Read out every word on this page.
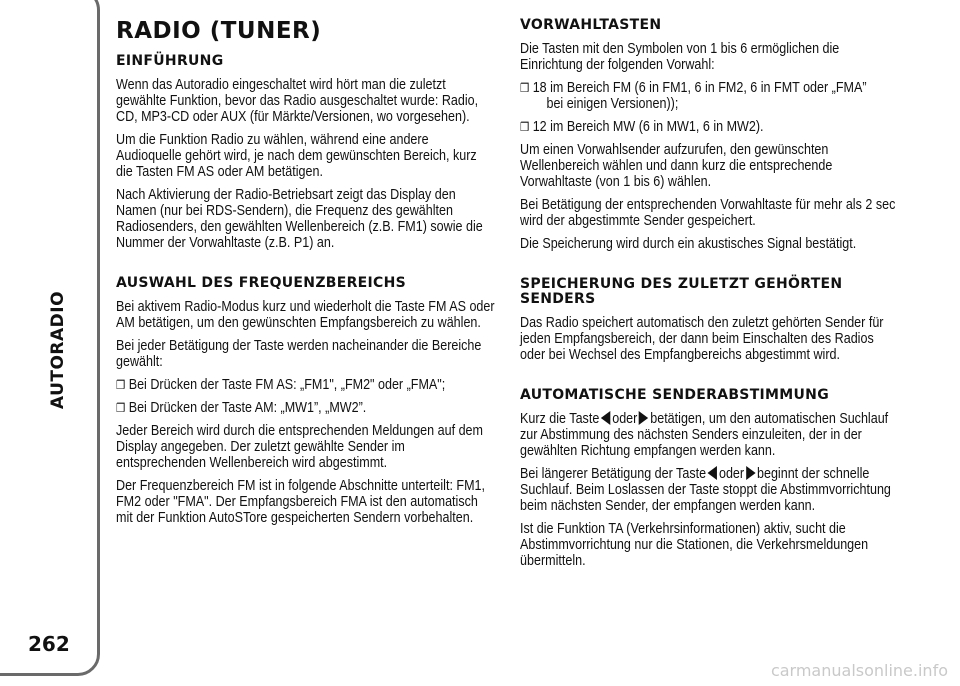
AUTORADIO
262
RADIO (TUNER)
EINFÜHRUNG

Wenn das Autoradio eingeschaltet wird hört man die zuletzt gewählte Funktion, bevor das Radio ausgeschaltet wurde: Radio, CD, MP3-CD oder AUX (für Märkte/Versionen, wo vorgesehen).

Um die Funktion Radio zu wählen, während eine andere Audioquelle gehört wird, je nach dem gewünschten Bereich, kurz die Tasten FM AS oder AM betätigen.

Nach Aktivierung der Radio-Betriebsart zeigt das Display den Namen (nur bei RDS-Sendern), die Frequenz des gewählten Radiosenders, den gewählten Wellenbereich (z.B. FM1) sowie die Nummer der Vorwahltaste (z.B. P1) an.

AUSWAHL DES FREQUENZBEREICHS

Bei aktivem Radio-Modus kurz und wiederholt die Taste FM AS oder AM betätigen, um den gewünschten Empfangsbereich zu wählen.

Bei jeder Betätigung der Taste werden nacheinander die Bereiche gewählt:

❒ Bei Drücken der Taste FM AS: „FM1", „FM2" oder „FMA";

❒ Bei Drücken der Taste AM: „MW1”, „MW2”.

Jeder Bereich wird durch die entsprechenden Meldungen auf dem Display angegeben. Der zuletzt gewählte Sender im entsprechenden Wellenbereich wird abgestimmt.

Der Frequenzbereich FM ist in folgende Abschnitte unterteilt: FM1, FM2 oder "FMA". Der Empfangsbereich FMA ist den automatisch mit der Funktion AutoSTore gespeicherten Sendern vorbehalten.

VORWAHLTASTEN

Die Tasten mit den Symbolen von 1 bis 6 ermöglichen die Einrichtung der folgenden Vorwahl:

❒ 18 im Bereich FM (6 in FM1, 6 in FM2, 6 in FMT oder „FMA”
bei einigen Versionen));

❒ 12 im Bereich MW (6 in MW1, 6 in MW2).

Um einen Vorwahlsender aufzurufen, den gewünschten Wellenbereich wählen und dann kurz die entsprechende Vorwahltaste (von 1 bis 6) wählen.

Bei Betätigung der entsprechenden Vorwahltaste für mehr als 2 sec wird der abgestimmte Sender gespeichert.

Die Speicherung wird durch ein akustisches Signal bestätigt.

SPEICHERUNG DES ZULETZT GEHÖRTEN SENDERS

Das Radio speichert automatisch den zuletzt gehörten Sender für jeden Empfangsbereich, der dann beim Einschalten des Radios oder bei Wechsel des Empfangbereichs abgestimmt wird.

AUTOMATISCHE SENDERABSTIMMUNG

Kurz die Taste oder betätigen, um den automatischen Suchlauf zur Abstimmung des nächsten Senders einzuleiten, der in der gewählten Richtung empfangen werden kann.

Bei längerer Betätigung der Taste oder beginnt der schnelle Suchlauf. Beim Loslassen der Taste stoppt die Abstimmvorrichtung beim nächsten Sender, der empfangen werden kann.

Ist die Funktion TA (Verkehrsinformationen) aktiv, sucht die Abstimmvorrichtung nur die Stationen, die Verkehrsmeldungen übermitteln.

carmanualsonline.info
